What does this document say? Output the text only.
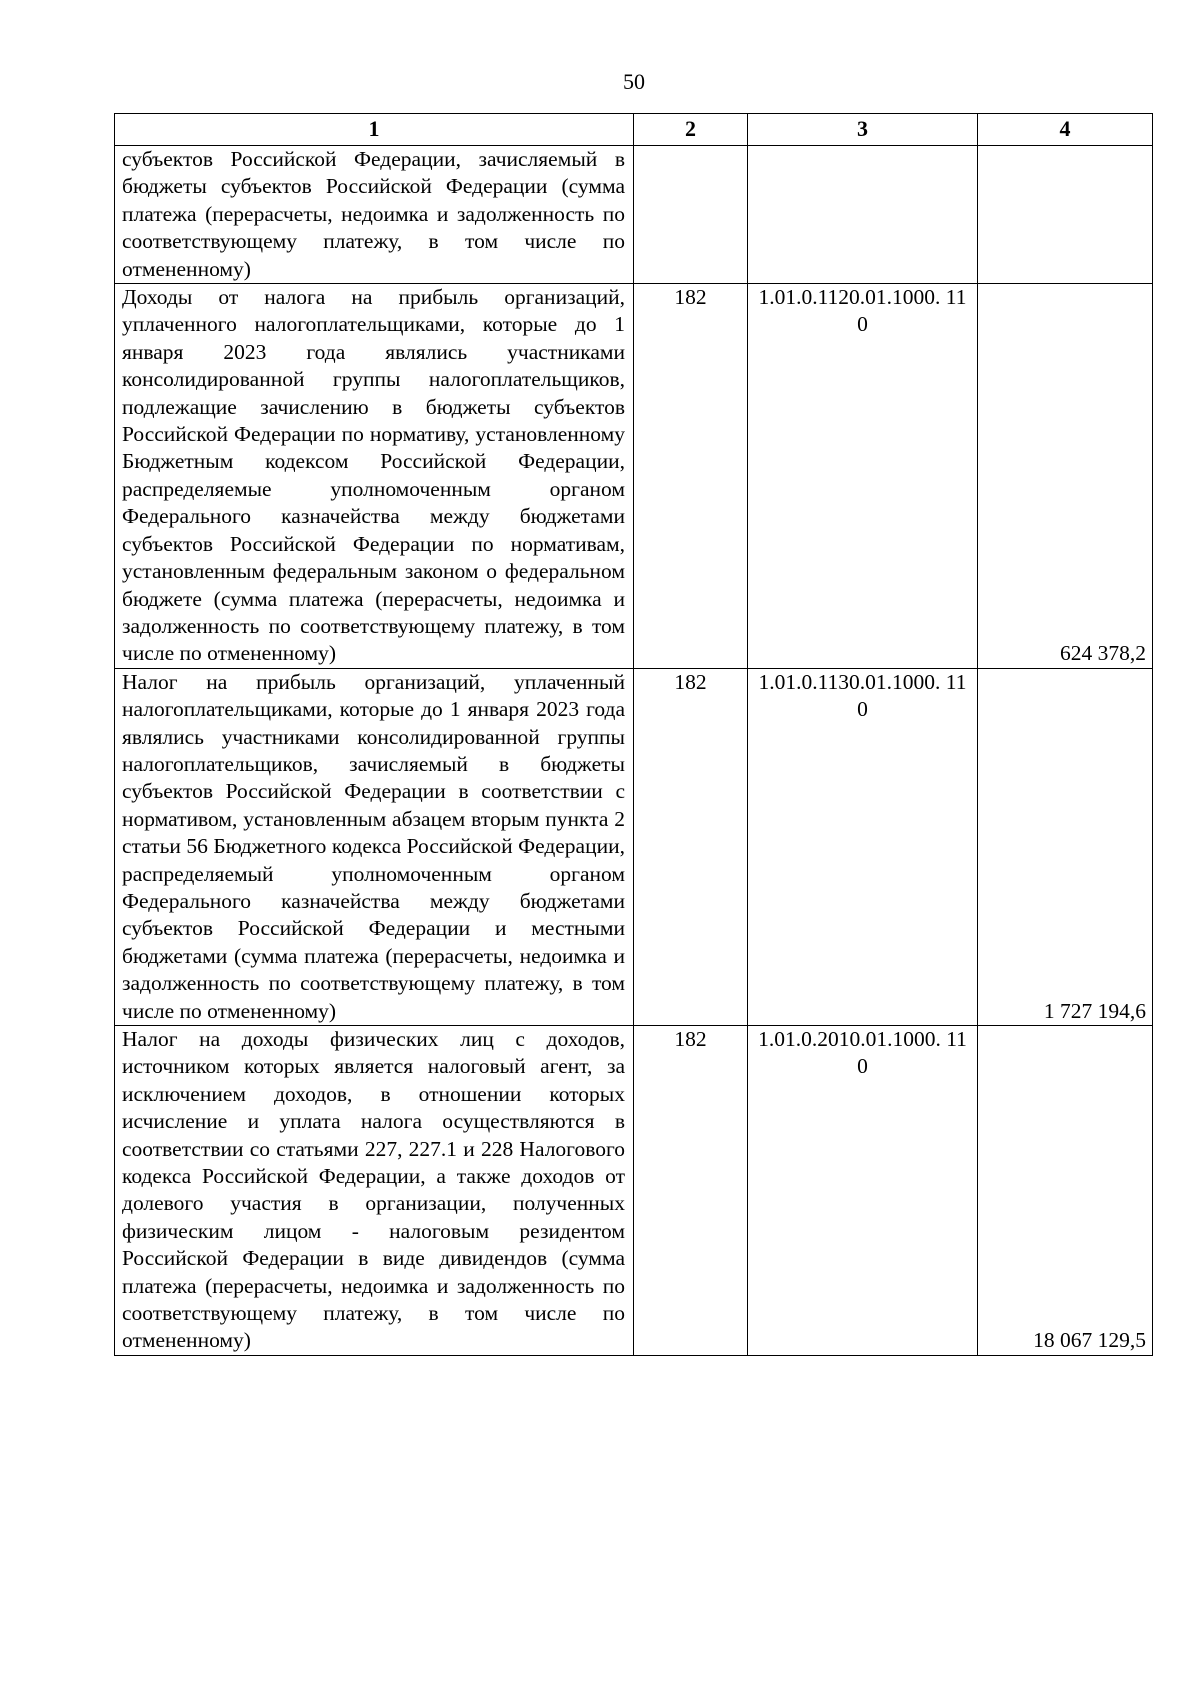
50
1	2	3	4
субъектов Российской Федерации, зачисляемый в бюджеты субъектов Российской Федерации (сумма платежа (перерасчеты, недоимка и задолженность по соответствующему платежу, в том числе по отмененному)			

Доходы от налога на прибыль организаций, уплаченного налогоплательщиками, которые до 1 января 2023 года являлись участниками консолидированной группы налогоплательщиков, подлежащие зачислению в бюджеты субъектов Российской Федерации по нормативу, установленному Бюджетным кодексом Российской Федерации, распределяемые уполномоченным органом Федерального казначейства между бюджетами субъектов Российской Федерации по нормативам, установленным федеральным законом о федеральном бюджете (сумма платежа (перерасчеты, недоимка и задолженность по соответствующему платежу, в том числе по отмененному)	182	1.01.0.1120.01.1000. 110	624 378,2

Налог на прибыль организаций, уплаченный налогоплательщиками, которые до 1 января 2023 года являлись участниками консолидированной группы налогоплательщиков, зачисляемый в бюджеты субъектов Российской Федерации в соответствии с нормативом, установленным абзацем вторым пункта 2 статьи 56 Бюджетного кодекса Российской Федерации, распределяемый уполномоченным органом Федерального казначейства между бюджетами субъектов Российской Федерации и местными бюджетами (сумма платежа (перерасчеты, недоимка и задолженность по соответствующему платежу, в том числе по отмененному)	182	1.01.0.1130.01.1000. 110	1 727 194,6

Налог на доходы физических лиц с доходов, источником которых является налоговый агент, за исключением доходов, в отношении которых исчисление и уплата налога осуществляются в соответствии со статьями 227, 227.1 и 228 Налогового кодекса Российской Федерации, а также доходов от долевого участия в организации, полученных физическим лицом - налоговым резидентом Российской Федерации в виде дивидендов (сумма платежа (перерасчеты, недоимка и задолженность по соответствующему платежу, в том числе по отмененному)	182	1.01.0.2010.01.1000. 110	18 067 129,5
